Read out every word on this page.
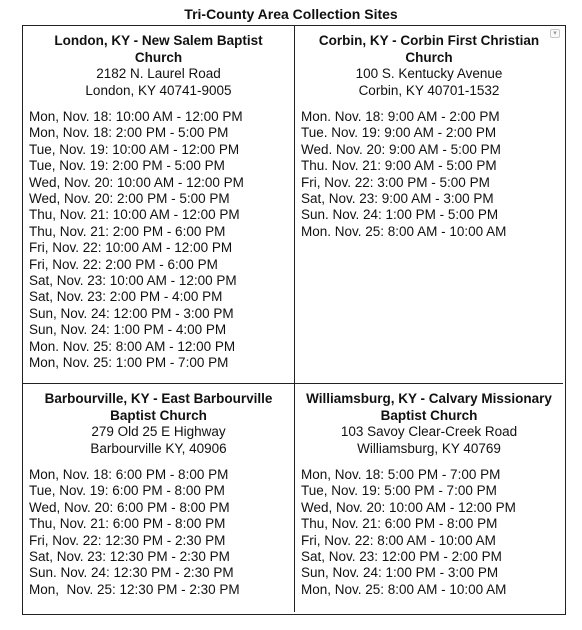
Tri-County Area Collection Sites

London, KY - New Salem Baptist

Church

2182 N. Laurel Road

London, KY 40741-9005

Mon, Nov. 18: 10:00 AM - 12:00 PM
Mon, Nov. 18: 2:00 PM - 5:00 PM
Tue, Nov. 19: 10:00 AM - 12:00 PM
Tue, Nov. 19: 2:00 PM - 5:00 PM
Wed, Nov. 20: 10:00 AM - 12:00 PM
Wed, Nov. 20: 2:00 PM - 5:00 PM
Thu, Nov. 21: 10:00 AM - 12:00 PM
Thu, Nov. 21: 2:00 PM - 6:00 PM
Fri, Nov. 22: 10:00 AM - 12:00 PM
Fri, Nov. 22: 2:00 PM - 6:00 PM
Sat, Nov. 23: 10:00 AM - 12:00 PM
Sat, Nov. 23: 2:00 PM - 4:00 PM
Sun, Nov. 24: 12:00 PM - 3:00 PM
Sun, Nov. 24: 1:00 PM - 4:00 PM
Mon. Nov. 25: 8:00 AM - 12:00 PM
Mon, Nov. 25: 1:00 PM - 7:00 PM
▾

Corbin, KY - Corbin First Christian

Church

100 S. Kentucky Avenue

Corbin, KY 40701-1532

Mon. Nov. 18: 9:00 AM - 2:00 PM
Tue. Nov. 19: 9:00 AM - 2:00 PM
Wed. Nov. 20: 9:00 AM - 5:00 PM
Thu. Nov. 21: 9:00 AM - 5:00 PM
Fri, Nov. 22: 3:00 PM - 5:00 PM
Sat, Nov. 23: 9:00 AM - 3:00 PM
Sun. Nov. 24: 1:00 PM - 5:00 PM
Mon. Nov. 25: 8:00 AM - 10:00 AM

Barbourville, KY - East Barbourville

Baptist Church

279 Old 25 E Highway

Barbourville KY, 40906

Mon, Nov. 18: 6:00 PM - 8:00 PM
Tue, Nov. 19: 6:00 PM - 8:00 PM
Wed, Nov. 20: 6:00 PM - 8:00 PM
Thu, Nov. 21: 6:00 PM - 8:00 PM
Fri, Nov. 22: 12:30 PM - 2:30 PM
Sat, Nov. 23: 12:30 PM - 2:30 PM
Sun. Nov. 24: 12:30 PM - 2:30 PM
Mon,  Nov. 25: 12:30 PM - 2:30 PM

Williamsburg, KY - Calvary Missionary

Baptist Church

103 Savoy Clear-Creek Road

Williamsburg, KY 40769

Mon, Nov. 18: 5:00 PM - 7:00 PM
Tue, Nov. 19: 5:00 PM - 7:00 PM
Wed, Nov. 20: 10:00 AM - 12:00 PM
Thu, Nov. 21: 6:00 PM - 8:00 PM
Fri, Nov. 22: 8:00 AM - 10:00 AM
Sat, Nov. 23: 12:00 PM - 2:00 PM
Sun, Nov. 24: 1:00 PM - 3:00 PM
Mon, Nov. 25: 8:00 AM - 10:00 AM
